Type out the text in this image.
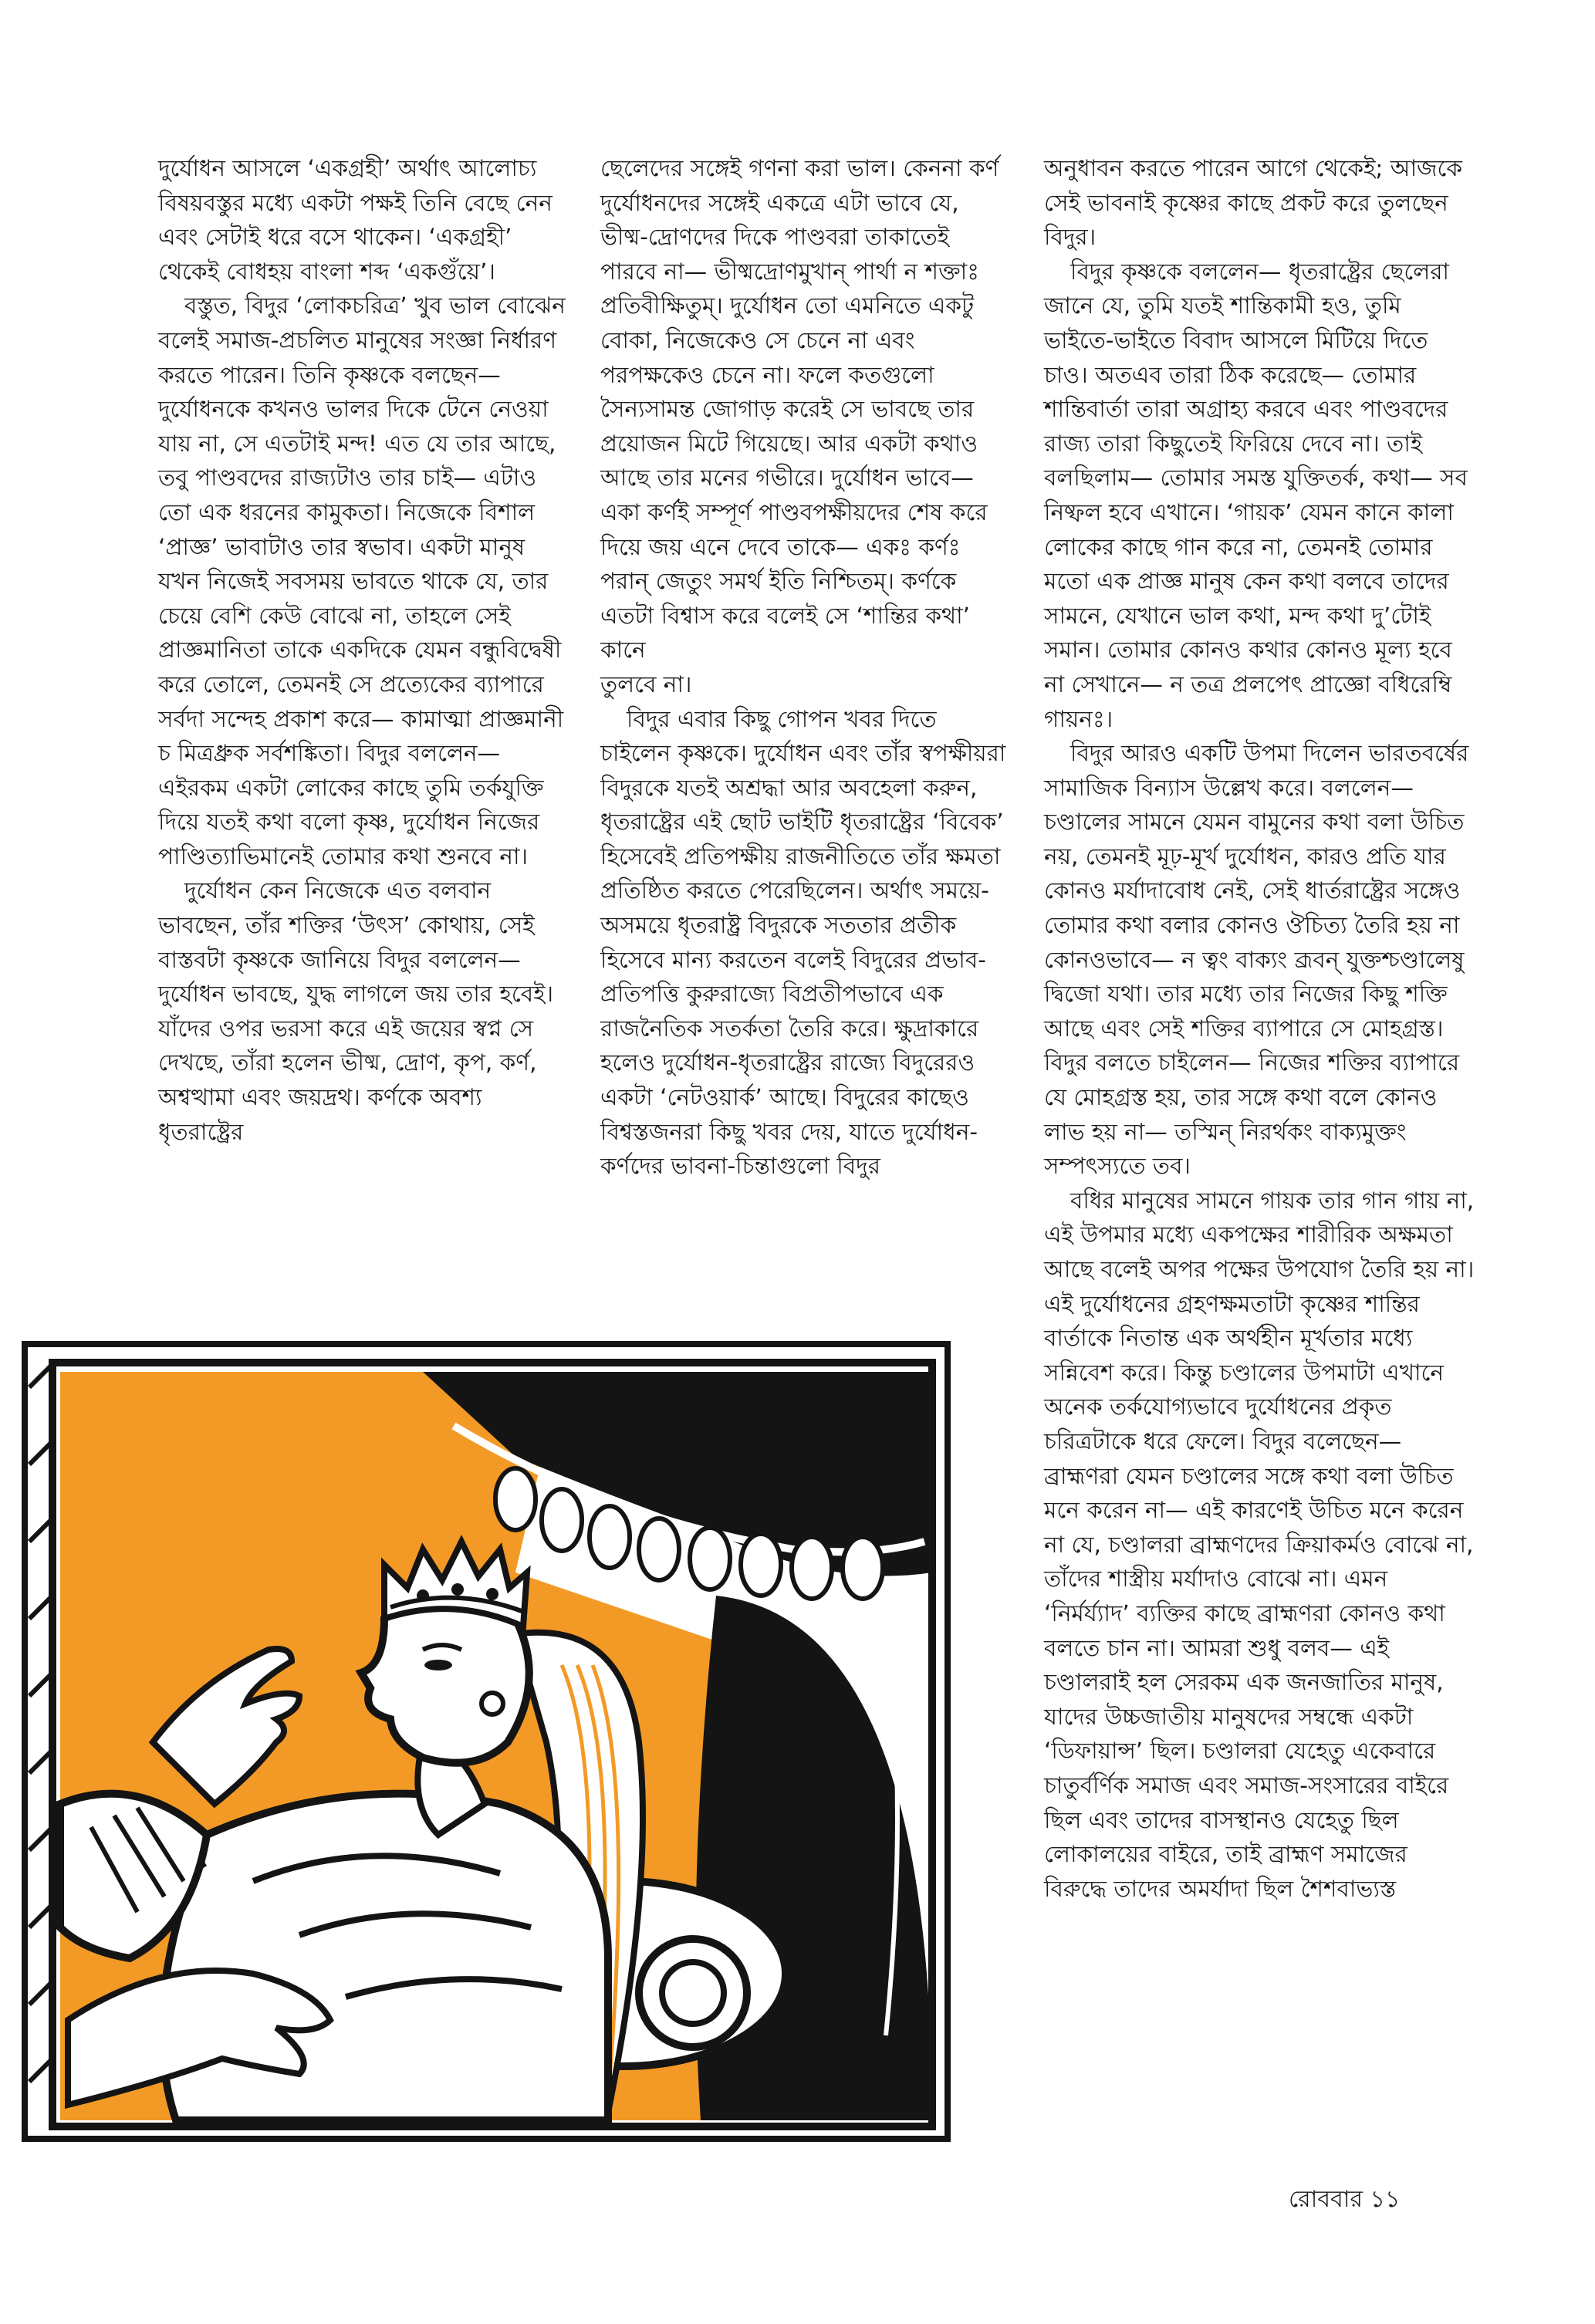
দুর্যোধন আসলে ‘একগ্রহী’ অর্থাৎ আলোচ্য বিষয়বস্তুর মধ্যে একটা পক্ষই তিনি বেছে নেন এবং সেটাই ধরে বসে থাকেন। ‘একগ্রহী’ থেকেই বোধহয় বাংলা শব্দ ‘একগুঁয়ে’।

বস্তুত, বিদুর ‘লোকচরিত্র’ খুব ভাল বোঝেন বলেই সমাজ-প্রচলিত মানুষের সংজ্ঞা নির্ধারণ করতে পারেন। তিনি কৃষ্ণকে বলছেন— দুর্যোধনকে কখনও ভালর দিকে টেনে নেওয়া যায় না, সে এতটাই মন্দ! এত যে তার আছে, তবু পাণ্ডবদের রাজ্যটাও তার চাই— এটাও তো এক ধরনের কামুকতা। নিজেকে বিশাল ‘প্রাজ্ঞ’ ভাবাটাও তার স্বভাব। একটা মানুষ যখন নিজেই সবসময় ভাবতে থাকে যে, তার চেয়ে বেশি কেউ বোঝে না, তাহলে সেই প্রাজ্ঞমানিতা তাকে একদিকে যেমন বন্ধুবিদ্বেষী করে তোলে, তেমনই সে প্রত্যেকের ব্যাপারে সর্বদা সন্দেহ প্রকাশ করে— কামাত্মা প্রাজ্ঞমানী চ মিত্রধ্রুক সর্বশঙ্কিতা। বিদুর বললেন— এইরকম একটা লোকের কাছে তুমি তর্কযুক্তি দিয়ে যতই কথা বলো কৃষ্ণ, দুর্যোধন নিজের পাণ্ডিত্যাভিমানেই তোমার কথা শুনবে না।

দুর্যোধন কেন নিজেকে এত বলবান ভাবছেন, তাঁর শক্তির ‘উৎস’ কোথায়, সেই বাস্তবটা কৃষ্ণকে জানিয়ে বিদুর বললেন— দুর্যোধন ভাবছে, যুদ্ধ লাগলে জয় তার হবেই। যাঁদের ওপর ভরসা করে এই জয়ের স্বপ্ন সে দেখছে, তাঁরা হলেন ভীষ্ম, দ্রোণ, কৃপ, কর্ণ, অশ্বত্থামা এবং জয়দ্রথ। কর্ণকে অবশ্য ধৃতরাষ্ট্রের

ছেলেদের সঙ্গেই গণনা করা ভাল। কেননা কর্ণ দুর্যোধনদের সঙ্গেই একত্রে এটা ভাবে যে, ভীষ্ম-দ্রোণদের দিকে পাণ্ডবরা তাকাতেই পারবে না— ভীষ্মদ্রোণমুখান্ পার্থা ন শক্তাঃ প্রতিবীক্ষিতুম্। দুর্যোধন তো এমনিতে একটু বোকা, নিজেকেও সে চেনে না এবং পরপক্ষকেও চেনে না। ফলে কতগুলো সৈন্যসামন্ত জোগাড় করেই সে ভাবছে তার প্রয়োজন মিটে গিয়েছে। আর একটা কথাও আছে তার মনের গভীরে। দুর্যোধন ভাবে— একা কর্ণই সম্পূর্ণ পাণ্ডবপক্ষীয়দের শেষ করে দিয়ে জয় এনে দেবে তাকে— একঃ কর্ণঃ পরান্ জেতুং সমর্থ ইতি নিশ্চিতম্। কর্ণকে এতটা বিশ্বাস করে বলেই সে ‘শান্তির কথা’ কানে

তুলবে না।

বিদুর এবার কিছু গোপন খবর দিতে চাইলেন কৃষ্ণকে। দুর্যোধন এবং তাঁর স্বপক্ষীয়রা বিদুরকে যতই অশ্রদ্ধা আর অবহেলা করুন, ধৃতরাষ্ট্রের এই ছোট ভাইটি ধৃতরাষ্ট্রের ‘বিবেক’ হিসেবেই প্রতিপক্ষীয় রাজনীতিতে তাঁর ক্ষমতা প্রতিষ্ঠিত করতে পেরেছিলেন। অর্থাৎ সময়ে-অসময়ে ধৃতরাষ্ট্র বিদুরকে সততার প্রতীক হিসেবে মান্য করতেন বলেই বিদুরের প্রভাব-প্রতিপত্তি কুরুরাজ্যে বিপ্রতীপভাবে এক রাজনৈতিক সতর্কতা তৈরি করে। ক্ষুদ্রাকারে হলেও দুর্যোধন-ধৃতরাষ্ট্রের রাজ্যে বিদুরেরও একটা ‘নেটওয়ার্ক’ আছে। বিদুরের কাছেও বিশ্বস্তজনরা কিছু খবর দেয়, যাতে দুর্যোধন-কর্ণদের ভাবনা-চিন্তাগুলো বিদুর

অনুধাবন করতে পারেন আগে থেকেই; আজকে সেই ভাবনাই কৃষ্ণের কাছে প্রকট করে তুলছেন বিদুর।

বিদুর কৃষ্ণকে বললেন— ধৃতরাষ্ট্রের ছেলেরা জানে যে, তুমি যতই শান্তিকামী হও, তুমি ভাইতে-ভাইতে বিবাদ আসলে মিটিয়ে দিতে চাও। অতএব তারা ঠিক করেছে— তোমার শান্তিবার্তা তারা অগ্রাহ্য করবে এবং পাণ্ডবদের রাজ্য তারা কিছুতেই ফিরিয়ে দেবে না। তাই বলছিলাম— তোমার সমস্ত যুক্তিতর্ক, কথা— সব নিষ্ফল হবে এখানে। ‘গায়ক’ যেমন কানে কালা লোকের কাছে গান করে না, তেমনই তোমার মতো এক প্রাজ্ঞ মানুষ কেন কথা বলবে তাদের সামনে, যেখানে ভাল কথা, মন্দ কথা দু’টোই সমান। তোমার কোনও কথার কোনও মূল্য হবে না সেখানে— ন তত্র প্রলপেৎ প্রাজ্ঞো বধিরেম্বি গায়নঃ।

বিদুর আরও একটি উপমা দিলেন ভারতবর্ষের সামাজিক বিন্যাস উল্লেখ করে। বললেন— চণ্ডালের সামনে যেমন বামুনের কথা বলা উচিত নয়, তেমনই মূঢ়-মূর্খ দুর্যোধন, কারও প্রতি যার কোনও মর্যাদাবোধ নেই, সেই ধার্তরাষ্ট্রের সঙ্গেও তোমার কথা বলার কোনও ঔচিত্য তৈরি হয় না কোনওভাবে— ন ত্বং বাক্যং ব্রূবন্ যুক্তশ্চণ্ডালেষু দ্বিজো যথা। তার মধ্যে তার নিজের কিছু শক্তি আছে এবং সেই শক্তির ব্যাপারে সে মোহগ্রস্ত। বিদুর বলতে চাইলেন— নিজের শক্তির ব্যাপারে যে মোহগ্রস্ত হয়, তার সঙ্গে কথা বলে কোনও লাভ হয় না— তস্মিন্ নিরর্থকং বাক্যমুক্তং সম্পৎস্যতে তব।

বধির মানুষের সামনে গায়ক তার গান গায় না, এই উপমার মধ্যে একপক্ষের শারীরিক অক্ষমতা আছে বলেই অপর পক্ষের উপযোগ তৈরি হয় না। এই দুর্যোধনের গ্রহণক্ষমতাটা কৃষ্ণের শান্তির বার্তাকে নিতান্ত এক অর্থহীন মূর্খতার মধ্যে সন্নিবেশ করে। কিন্তু চণ্ডালের উপমাটা এখানে অনেক তর্কযোগ্যভাবে দুর্যোধনের প্রকৃত চরিত্রটাকে ধরে ফেলে। বিদুর বলেছেন— ব্রাহ্মণরা যেমন চণ্ডালের সঙ্গে কথা বলা উচিত মনে করেন না— এই কারণেই উচিত মনে করেন না যে, চণ্ডালরা ব্রাহ্মণদের ক্রিয়াকর্মও বোঝে না, তাঁদের শাস্ত্রীয় মর্যাদাও বোঝে না। এমন ‘নির্মর্য্যাদ’ ব্যক্তির কাছে ব্রাহ্মণরা কোনও কথা বলতে চান না। আমরা শুধু বলব— এই চণ্ডালরাই হল সেরকম এক জনজাতির মানুষ, যাদের উচ্চজাতীয় মানুষদের সম্বন্ধে একটা ‘ডিফায়ান্স’ ছিল। চণ্ডালরা যেহেতু একেবারে চাতুর্বর্ণিক সমাজ এবং সমাজ-সংসারের বাইরে ছিল এবং তাদের বাসস্থানও যেহেতু ছিল লোকালয়ের বাইরে, তাই ব্রাহ্মণ সমাজের বিরুদ্ধে তাদের অমর্যাদা ছিল শৈশবাভ্যস্ত

রোববার ১১
